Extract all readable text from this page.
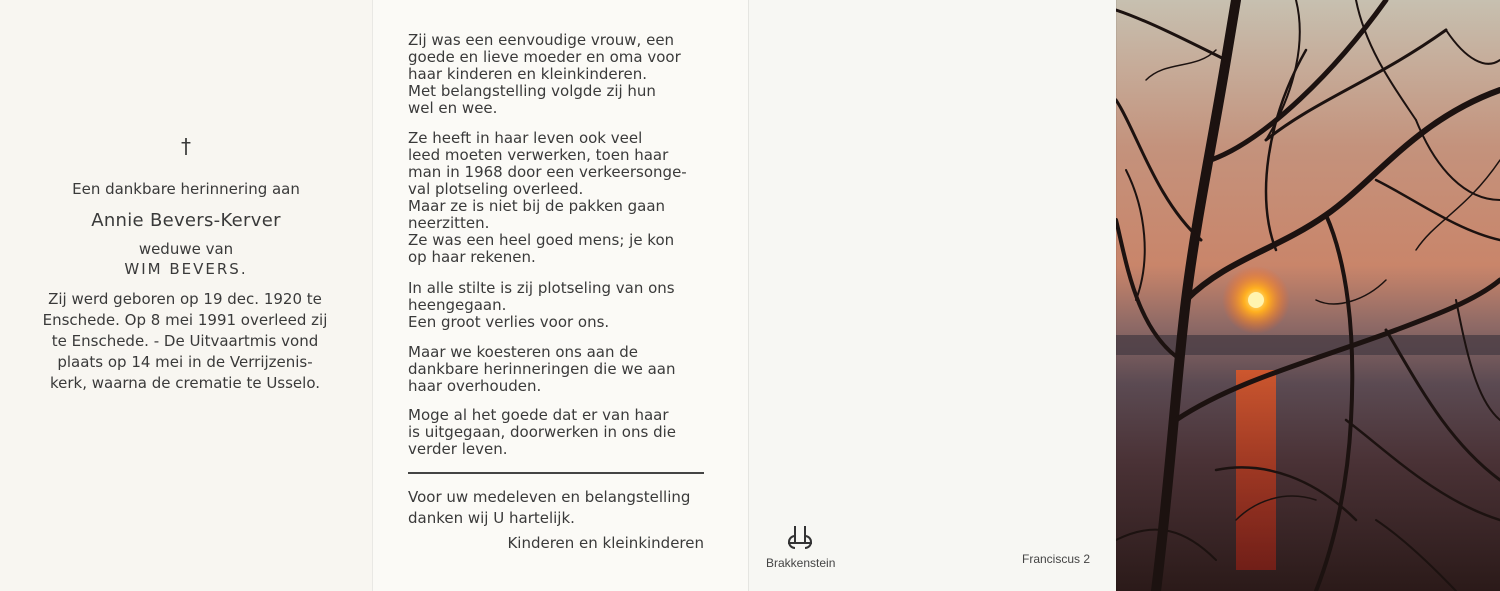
†
Een dankbare herinnering aan
Annie Bevers-Kerver
weduwe van
WIM BEVERS.
Zij werd geboren op 19 dec. 1920 te
Enschede. Op 8 mei 1991 overleed zij
te Enschede. - De Uitvaartmis vond
plaats op 14 mei in de Verrijzenis-
kerk, waarna de crematie te Usselo.
Zij was een eenvoudige vrouw, een
goede en lieve moeder en oma voor
haar kinderen en kleinkinderen.
Met belangstelling volgde zij hun
wel en wee.
Ze heeft in haar leven ook veel
leed moeten verwerken, toen haar
man in 1968 door een verkeersonge-
val plotseling overleed.
Maar ze is niet bij de pakken gaan
neerzitten.
Ze was een heel goed mens; je kon
op haar rekenen.
In alle stilte is zij plotseling van ons
heengegaan.
Een groot verlies voor ons.
Maar we koesteren ons aan de
dankbare herinneringen die we aan
haar overhouden.
Moge al het goede dat er van haar
is uitgegaan, doorwerken in ons die
verder leven.
Voor uw medeleven en belangstelling
danken wij U hartelijk.
Kinderen en kleinkinderen
Brakkenstein	Franciscus 2
